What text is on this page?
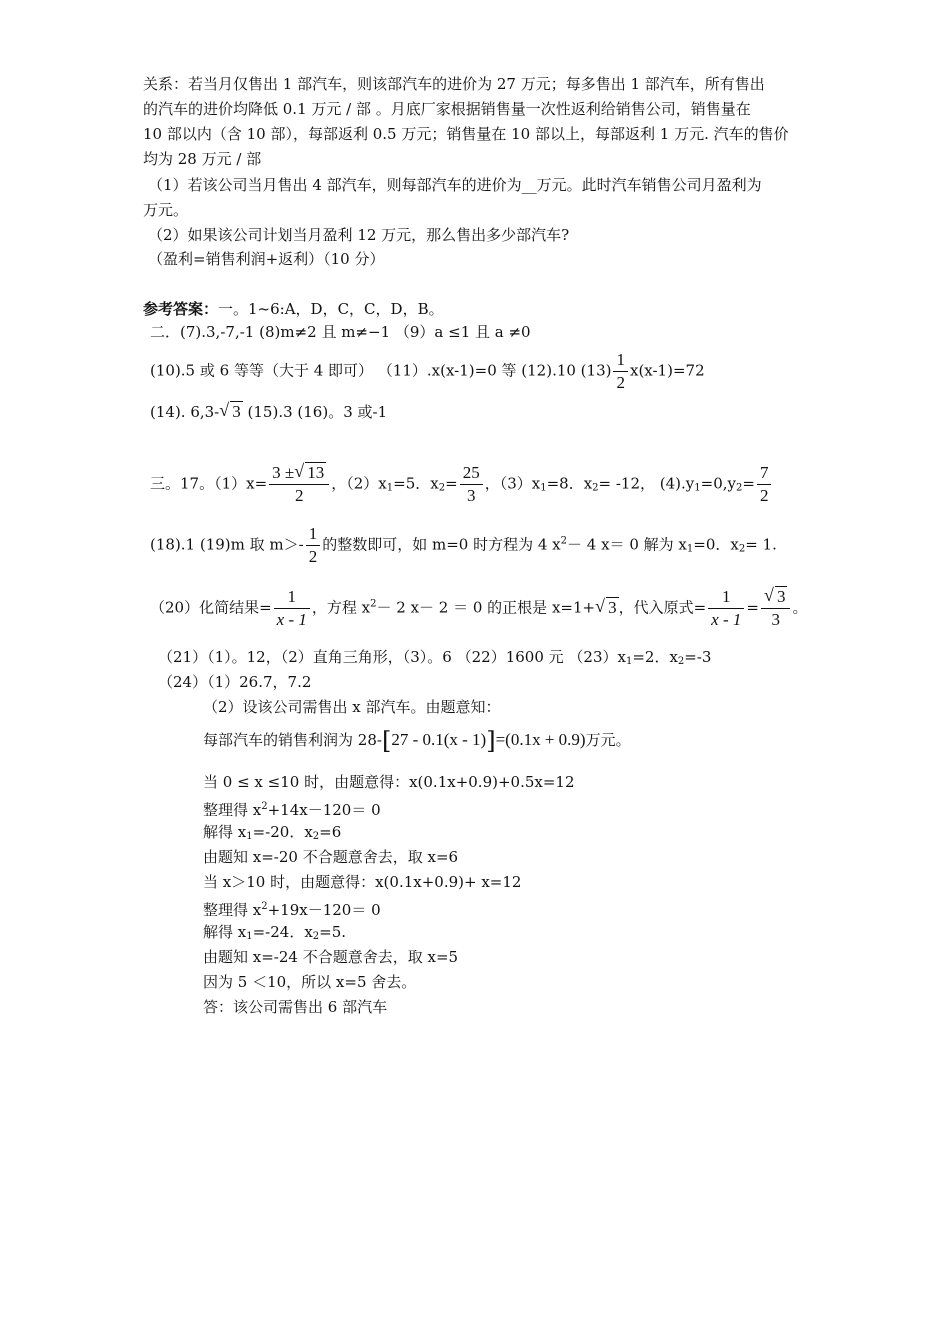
关系：若当月仅售出 1 部汽车，则该部汽车的进价为 27 万元；每多售出 1 部汽车，所有售出
的汽车的进价均降低 0.1 万元 / 部 。月底厂家根据销售量一次性返利给销售公司，销售量在
10 部以内（含 10 部），每部返利 0.5 万元；销售量在 10 部以上，每部返利 1 万元. 汽车的售价
均为 28 万元 / 部
（1）若该公司当月售出 4 部汽车，则每部汽车的进价为__万元。此时汽车销售公司月盈利为
万元。
（2）如果该公司计划当月盈利 12 万元，那么售出多少部汽车?
（盈利=销售利润+返利）（10 分）
参考答案：一。1~6:A，D，C，C，D，B。
二．(7).3,-7,-1 (8)m≠2 且 m≠−1 （9）a ≤1 且 a ≠0
(10).5 或 6 等等（大于 4 即可） （11）.x(x-1)=0 等 (12).10 $(13) \frac{1}{2} x(x-1)=72$
(14). 6,3- √ 3 (15).3 (16)。3 或-1
三。17。$(1)x= \frac{3 \pm √ 13}{2}$ ，$(2)x_1=5$．$x_2= \frac{25}{3}$ ，$(3)x_1=8$．$x_2= -12$， $(4).y_1=0,y_2= \frac{7}{2}$
(18).1 (19)m 取 $m>- \frac{1}{2}$ 的整数即可，如 m=0 时方程为 4 $x^2- 4$ x＝ 0 解为 $x_1=0$．$x_2= 1$.
（20）化简结果= $\frac{1}{x - 1}$ ，方程 $x^2- 2$ x－ 2 ＝ 0 的正根是 x=1+ √ 3 ，代入原式= $\frac{1}{x - 1} = \frac{√ 3}{3}$ 。
（21）（1）。12，（2）直角三角形，（3）。6 （22）1600 元 $(23)x_1=2$．$x_2=-3$
（24）（1）26.7，7.2
（2）设该公司需售出 x 部汽车。由题意知：
每部汽车的销售利润为 28-[27 - 0.1(x - 1)]=(0.1x + 0.9)万元。
当 0 ≤ x ≤10 时，由题意得：x(0.1x+0.9)+0.5x=12
整理得 $x^2+14x-120= 0$
解得 $x_1=-20$．$x_2=6$
由题知 x=-20 不合题意舍去，取 x=6
当 x＞10 时，由题意得：x(0.1x+0.9)+ x=12
整理得 $x^2+19x-120= 0$
解得 $x_1=-24$．$x_2=5$.
由题知 x=-24 不合题意舍去，取 x=5
因为 5 ＜10，所以 x=5 舍去。
答：该公司需售出 6 部汽车
